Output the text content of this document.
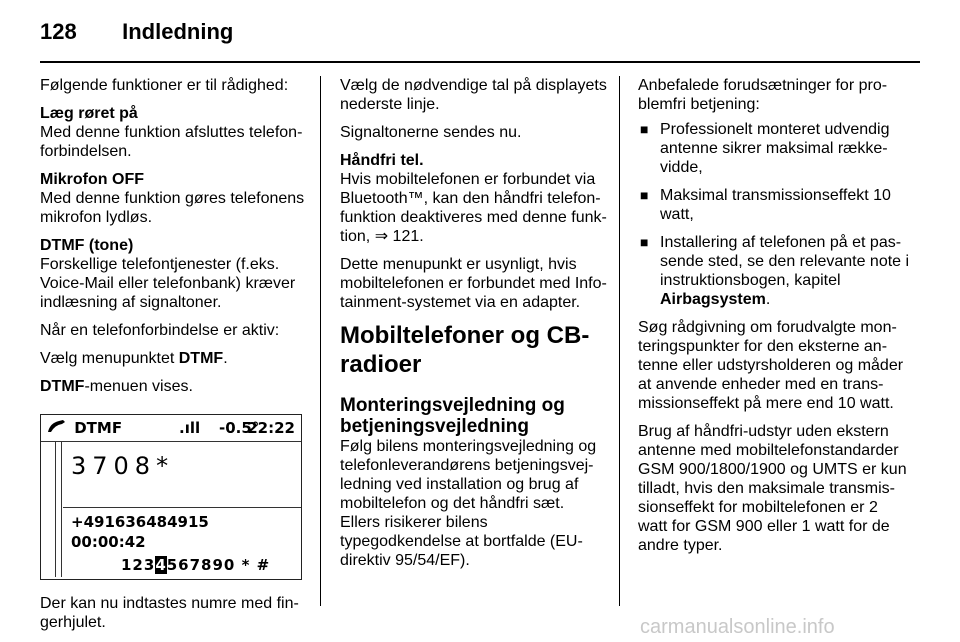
128 Indledning

Følgende funktioner er til rådighed:

Læg røret på
Med denne funktion afsluttes telefonforbindelsen.

Mikrofon OFF
Med denne funktion gøres telefonens mikrofon lydløs.

DTMF (tone)
Forskellige telefontjenester (f.eks. Voice-Mail eller telefonbank) kræver indlæsning af signaltoner.

Når en telefonforbindelse er aktiv:

Vælg menupunktet DTMF.

DTMF-menuen vises.

DTMF	.ıll -0.5°
22:22
3708*
+491636484915
00:00:42
1234567890 * #

Der kan nu indtastes numre med fingerhjulet.

Vælg de nødvendige tal på displayets nederste linje.

Signaltonerne sendes nu.

Håndfri tel.
Hvis mobiltelefonen er forbundet via Bluetooth™, kan den håndfri telefonfunktion deaktiveres med denne funktion, ⇒ 121.

Dette menupunkt er usynligt, hvis mobiltelefonen er forbundet med Infotainment-systemet via en adapter.

Mobiltelefoner og CB-radioer
Monteringsvejledning og betjeningsvejledning

Følg bilens monteringsvejledning og telefonleverandørens betjeningsvejledning ved installation og brug af mobiltelefon og det håndfri sæt. Ellers risikerer bilens typegodkendelse at bortfalde (EU-direktiv 95/54/EF).

Anbefalede forudsætninger for problemfri betjening:

■ Professionelt monteret udvendig antenne sikrer maksimal rækkevidde,
■ Maksimal transmissionseffekt 10 watt,
■ Installering af telefonen på et passende sted, se den relevante note i instruktionsbogen, kapitel Airbagsystem.

Søg rådgivning om forudvalgte monteringspunkter for den eksterne antenne eller udstyrsholderen og måder at anvende enheder med en transmissionseffekt på mere end 10 watt.

Brug af håndfri-udstyr uden ekstern antenne med mobiltelefonstandarder GSM 900/1800/1900 og UMTS er kun tilladt, hvis den maksimale transmissionseffekt for mobiltelefonen er 2 watt for GSM 900 eller 1 watt for de andre typer.

carmanualsonline.info
